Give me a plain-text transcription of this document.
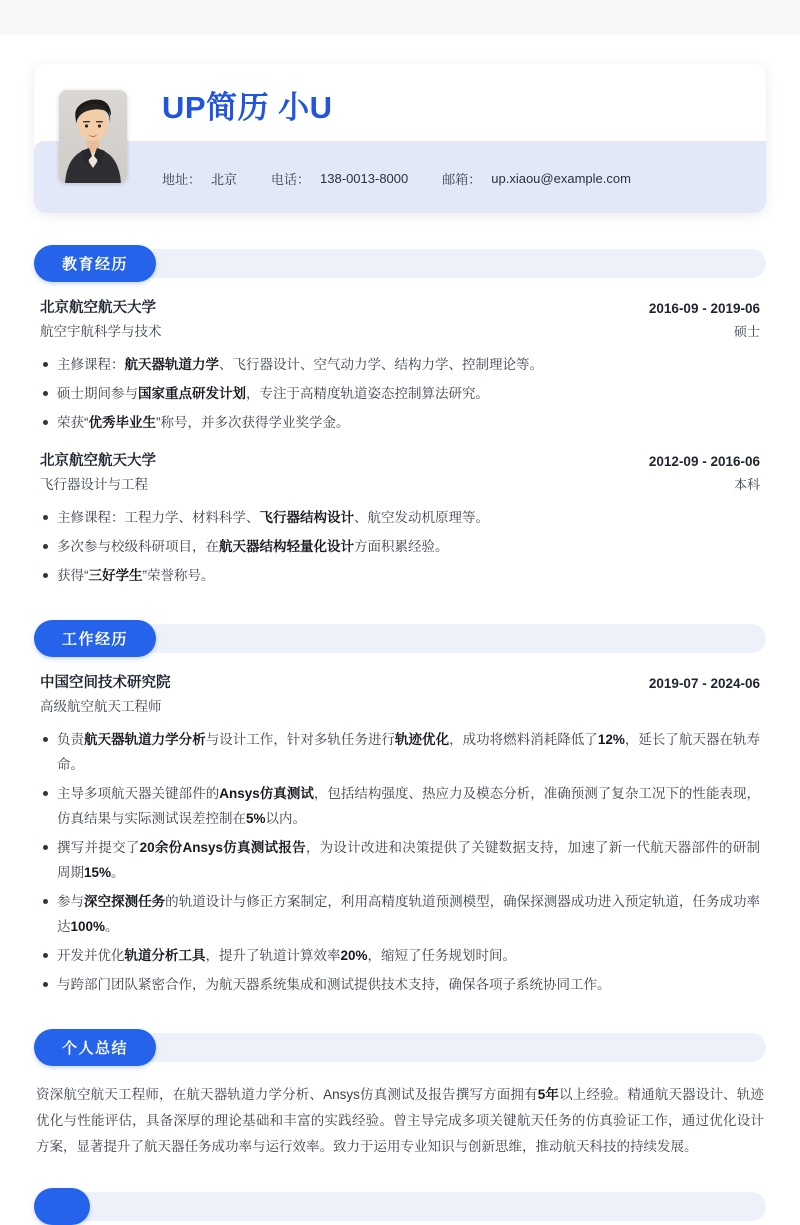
UP简历 小U
地址： 北京	电话： 138-0013-8000	邮箱： up.xiaou@example.com
教育经历
北京航空航天大学
航空宇航科学与技术
2016-09 - 2019-06
硕士
主修课程：航天器轨道力学、飞行器设计、空气动力学、结构力学、控制理论等。
硕士期间参与国家重点研发计划，专注于高精度轨道姿态控制算法研究。
荣获“优秀毕业生”称号，并多次获得学业奖学金。
北京航空航天大学
飞行器设计与工程
2012-09 - 2016-06
本科
主修课程：工程力学、材料科学、飞行器结构设计、航空发动机原理等。
多次参与校级科研项目，在航天器结构轻量化设计方面积累经验。
获得“三好学生”荣誉称号。
工作经历
中国空间技术研究院
高级航空航天工程师
2019-07 - 2024-06
负责航天器轨道力学分析与设计工作，针对多轨任务进行轨迹优化，成功将燃料消耗降低了12%，延长了航天器在轨寿命。
主导多项航天器关键部件的Ansys仿真测试，包括结构强度、热应力及模态分析，准确预测了复杂工况下的性能表现，仿真结果与实际测试误差控制在5%以内。
撰写并提交了20余份Ansys仿真测试报告，为设计改进和决策提供了关键数据支持，加速了新一代航天器部件的研制周期15%。
参与深空探测任务的轨道设计与修正方案制定，利用高精度轨道预测模型，确保探测器成功进入预定轨道，任务成功率达100%。
开发并优化轨道分析工具，提升了轨道计算效率20%，缩短了任务规划时间。
与跨部门团队紧密合作，为航天器系统集成和测试提供技术支持，确保各项子系统协同工作。
个人总结
资深航空航天工程师，在航天器轨道力学分析、Ansys仿真测试及报告撰写方面拥有5年以上经验。精通航天器设计、轨迹优化与性能评估，具备深厚的理论基础和丰富的实践经验。曾主导完成多项关键航天任务的仿真验证工作，通过优化设计方案，显著提升了航天器任务成功率与运行效率。致力于运用专业知识与创新思维，推动航天科技的持续发展。
